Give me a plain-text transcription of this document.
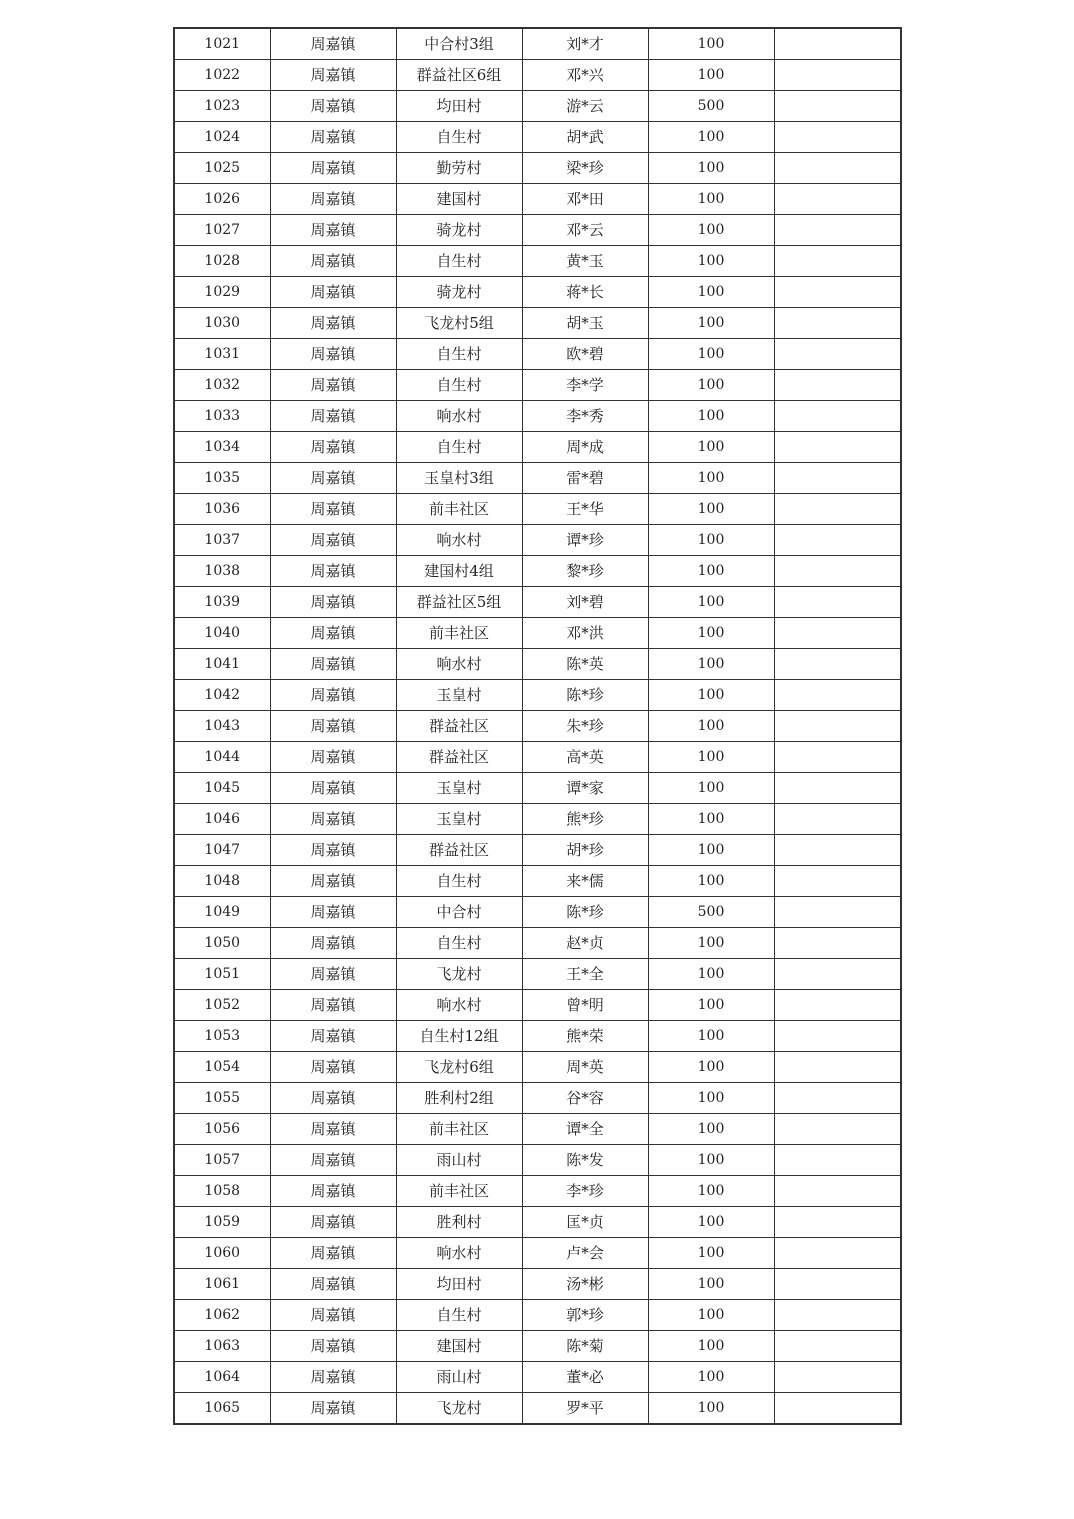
1021	周嘉镇	中合村3组	刘*才	100	
1022	周嘉镇	群益社区6组	邓*兴	100	
1023	周嘉镇	均田村	游*云	500	
1024	周嘉镇	自生村	胡*武	100	
1025	周嘉镇	勤劳村	梁*珍	100	
1026	周嘉镇	建国村	邓*田	100	
1027	周嘉镇	骑龙村	邓*云	100	
1028	周嘉镇	自生村	黄*玉	100	
1029	周嘉镇	骑龙村	蒋*长	100	
1030	周嘉镇	飞龙村5组	胡*玉	100	
1031	周嘉镇	自生村	欧*碧	100	
1032	周嘉镇	自生村	李*学	100	
1033	周嘉镇	响水村	李*秀	100	
1034	周嘉镇	自生村	周*成	100	
1035	周嘉镇	玉皇村3组	雷*碧	100	
1036	周嘉镇	前丰社区	王*华	100	
1037	周嘉镇	响水村	谭*珍	100	
1038	周嘉镇	建国村4组	黎*珍	100	
1039	周嘉镇	群益社区5组	刘*碧	100	
1040	周嘉镇	前丰社区	邓*洪	100	
1041	周嘉镇	响水村	陈*英	100	
1042	周嘉镇	玉皇村	陈*珍	100	
1043	周嘉镇	群益社区	朱*珍	100	
1044	周嘉镇	群益社区	高*英	100	
1045	周嘉镇	玉皇村	谭*家	100	
1046	周嘉镇	玉皇村	熊*珍	100	
1047	周嘉镇	群益社区	胡*珍	100	
1048	周嘉镇	自生村	来*儒	100	
1049	周嘉镇	中合村	陈*珍	500	
1050	周嘉镇	自生村	赵*贞	100	
1051	周嘉镇	飞龙村	王*全	100	
1052	周嘉镇	响水村	曾*明	100	
1053	周嘉镇	自生村12组	熊*荣	100	
1054	周嘉镇	飞龙村6组	周*英	100	
1055	周嘉镇	胜利村2组	谷*容	100	
1056	周嘉镇	前丰社区	谭*全	100	
1057	周嘉镇	雨山村	陈*发	100	
1058	周嘉镇	前丰社区	李*珍	100	
1059	周嘉镇	胜利村	匡*贞	100	
1060	周嘉镇	响水村	卢*会	100	
1061	周嘉镇	均田村	汤*彬	100	
1062	周嘉镇	自生村	郭*珍	100	
1063	周嘉镇	建国村	陈*菊	100	
1064	周嘉镇	雨山村	董*必	100	
1065	周嘉镇	飞龙村	罗*平	100	
